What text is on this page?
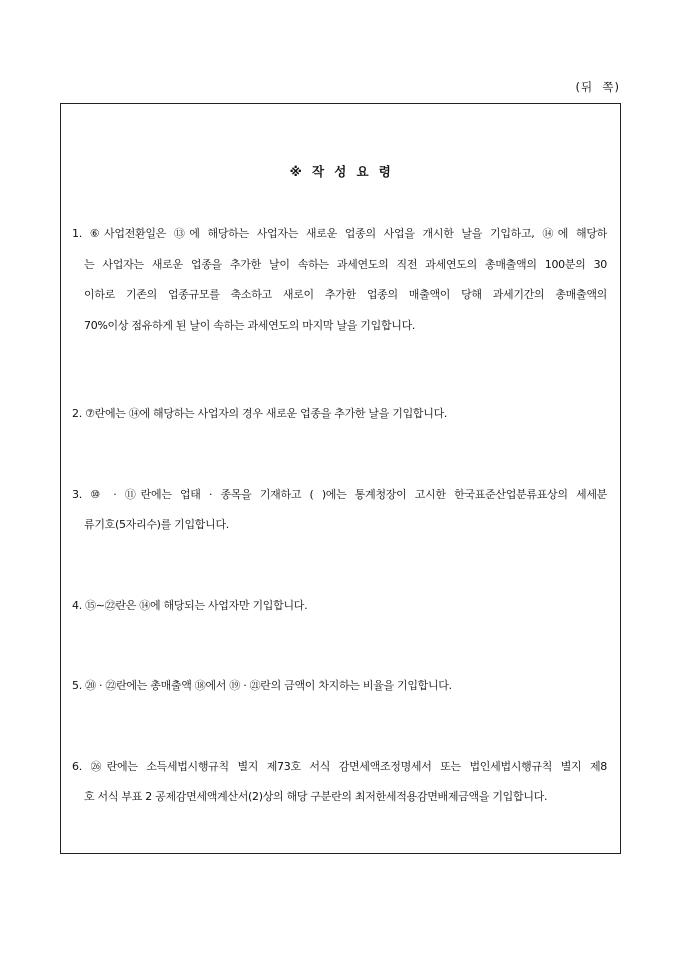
(뒤  쪽)
※  작  성  요  령
1. ⑥사업전환일은 ⑬에 해당하는 사업자는 새로운 업종의 사업을 개시한 날을 기입하고, ⑭에 해당하
는 사업자는 새로운 업종을 추가한 날이 속하는 과세연도의 직전 과세연도의 총매출액의 100분의 30
이하로 기존의 업종규모를 축소하고 새로이 추가한 업종의 매출액이 당해 과세기간의 총매출액의
70%이상 점유하게 된 날이 속하는 과세연도의 마지막 날을 기입합니다.
2. ⑦란에는 ⑭에 해당하는 사업자의 경우 새로운 업종을 추가한 날을 기입합니다.
3. ⑩ · ⑪란에는 업태 · 종목을 기재하고 ( )에는 통계청장이 고시한 한국표준산업분류표상의 세세분
류기호(5자리수)를 기입합니다.
4. ⑮∼㉒란은 ⑭에 해당되는 사업자만 기입합니다.
5. ⑳ · ㉒란에는 총매출액 ⑱에서 ⑲ · ㉑란의 금액이 차지하는 비율을 기입합니다.
6. ㉖란에는 소득세법시행규칙 별지 제73호 서식 감면세액조정명세서 또는 법인세법시행규칙 별지 제8
호 서식 부표 2 공제감면세액계산서(2)상의 해당 구분란의 최저한세적용감면배제금액을 기입합니다.
